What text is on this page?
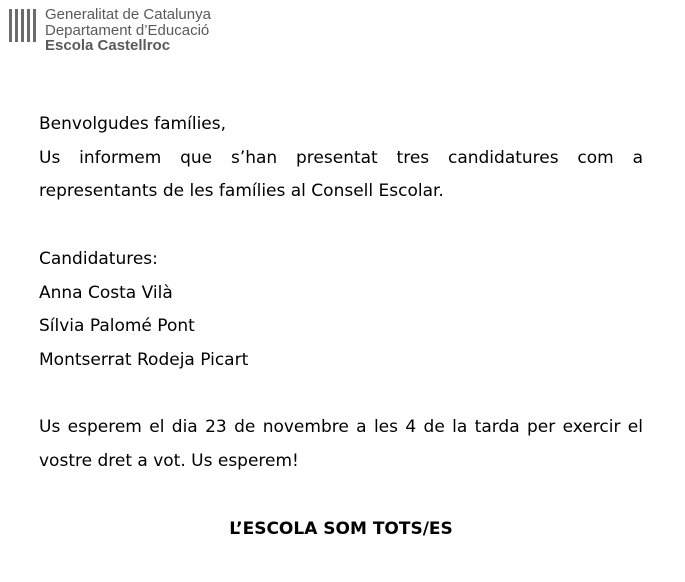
Generalitat de Catalunya
Departament d’Educació
Escola Castellroc

Benvolgudes famílies,

Us informem que s’han presentat tres candidatures com a representants de les famílies al Consell Escolar.

Candidatures:

Anna Costa Vilà

Sílvia Palomé Pont

Montserrat Rodeja Picart

Us esperem el dia 23 de novembre a les 4 de la tarda per exercir el vostre dret a vot. Us esperem!

L’ESCOLA SOM TOTS/ES
